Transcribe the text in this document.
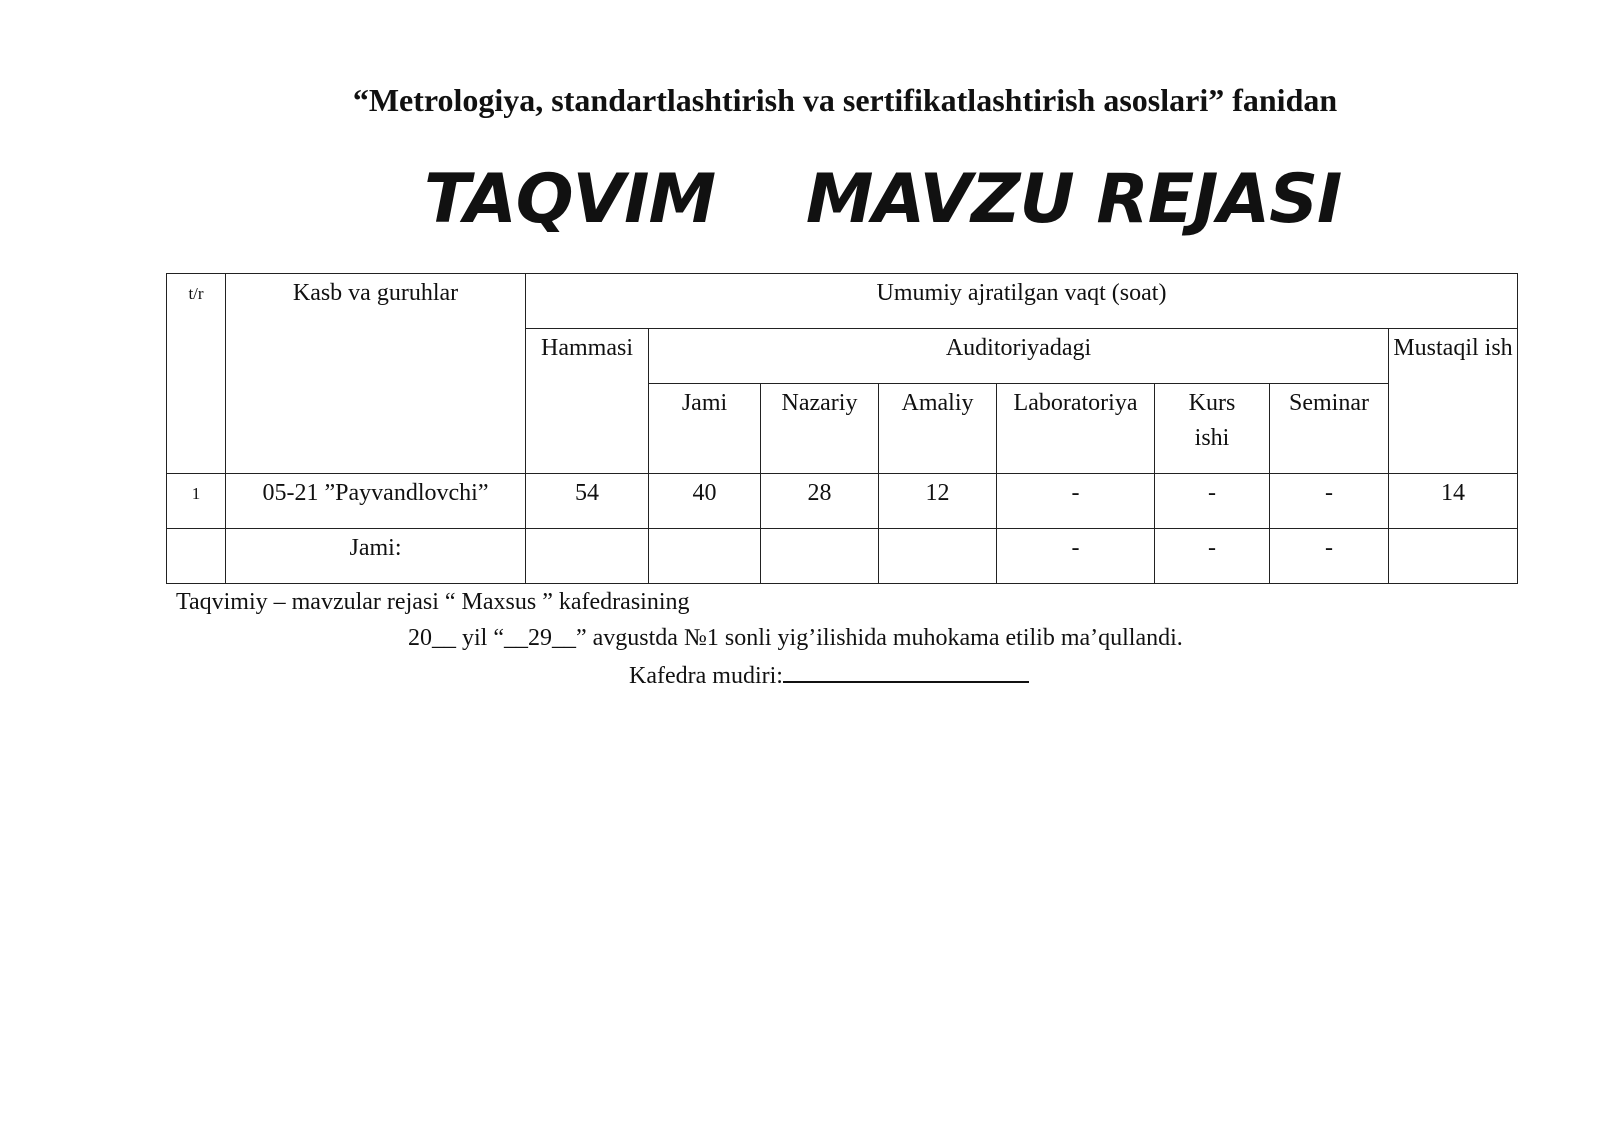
“Metrologiya, standartlashtirish va sertifikatlashtirish asoslari” fanidan
TAQVIM    MAVZU REJASI
t/r	Kasb va guruhlar	Umumiy ajratilgan vaqt (soat)							
		Hammasi	Auditoriyadagi						Mustaqil ish
			Jami	Nazariy	Amaliy	Laboratoriya	Kurs ishi	Seminar	
1	05-21 ”Payvandlovchi”	54	40	28	12	-	-	-	14
	Jami:					-	-	-	
Taqvimiy – mavzular rejasi “ Maxsus ” kafedrasining
20__ yil “__29__” avgustda №1 sonli yig’ilishida muhokama etilib ma’qullandi.
Kafedra mudiri:
